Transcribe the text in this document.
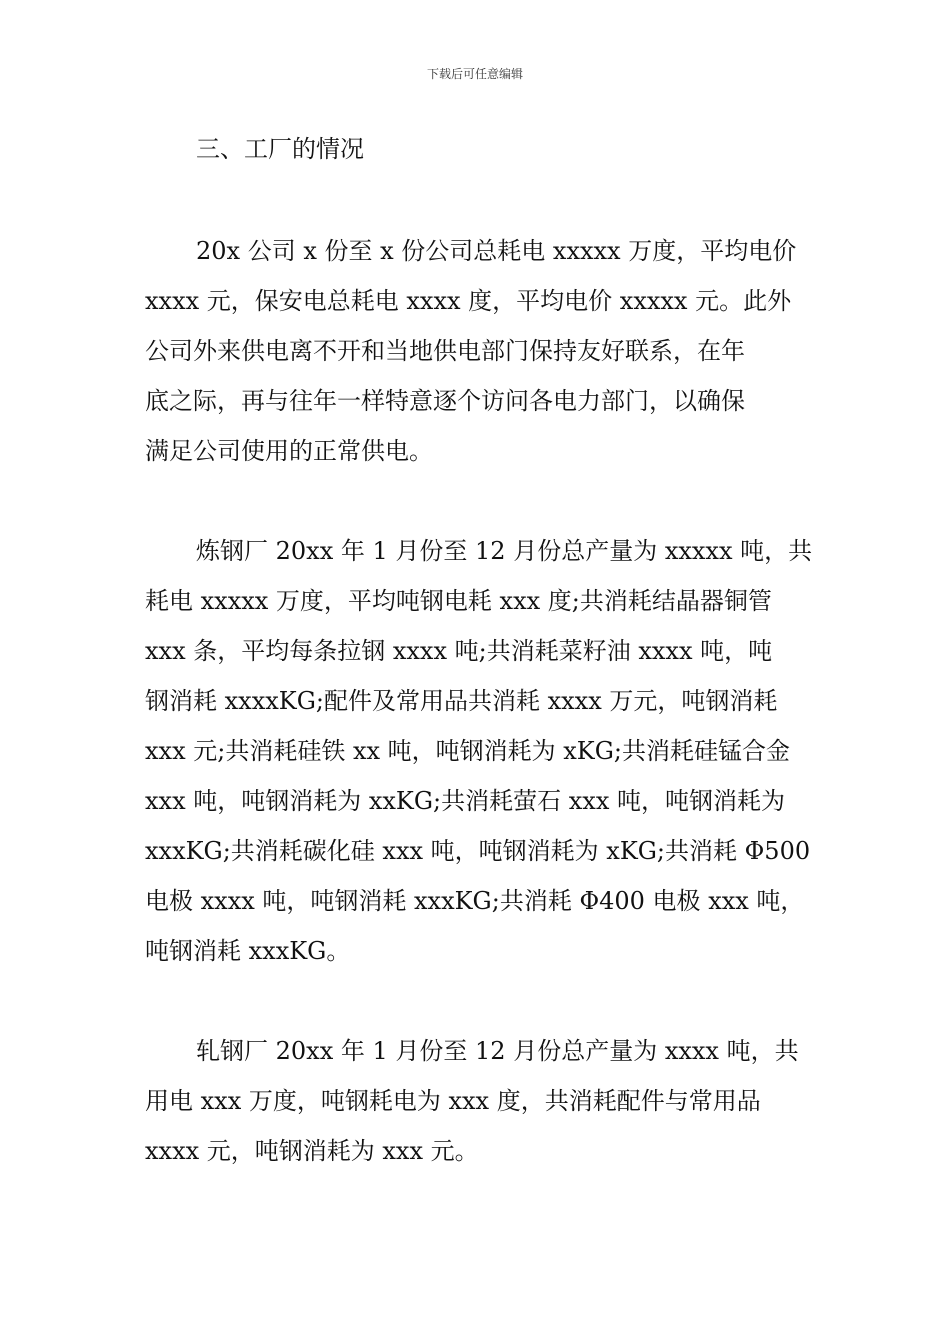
下载后可任意编辑
三、工厂的情况
20x 公司 x 份至 x 份公司总耗电 xxxxx 万度，平均电价
xxxx 元，保安电总耗电 xxxx 度，平均电价 xxxxx 元。此外
公司外来供电离不开和当地供电部门保持友好联系，在年
底之际，再与往年一样特意逐个访问各电力部门，以确保
满足公司使用的正常供电。
炼钢厂 20xx 年 1 月份至 12 月份总产量为 xxxxx 吨，共
耗电 xxxxx 万度，平均吨钢电耗 xxx 度;共消耗结晶器铜管
xxx 条，平均每条拉钢 xxxx 吨;共消耗菜籽油 xxxx 吨，吨
钢消耗 xxxxKG;配件及常用品共消耗 xxxx 万元，吨钢消耗
xxx 元;共消耗硅铁 xx 吨，吨钢消耗为 xKG;共消耗硅锰合金
xxx 吨，吨钢消耗为 xxKG;共消耗萤石 xxx 吨，吨钢消耗为
xxxKG;共消耗碳化硅 xxx 吨，吨钢消耗为 xKG;共消耗 Φ500
电极 xxxx 吨，吨钢消耗 xxxKG;共消耗 Φ400 电极 xxx 吨，
吨钢消耗 xxxKG。
轧钢厂 20xx 年 1 月份至 12 月份总产量为 xxxx 吨，共
用电 xxx 万度，吨钢耗电为 xxx 度，共消耗配件与常用品
xxxx 元，吨钢消耗为 xxx 元。
